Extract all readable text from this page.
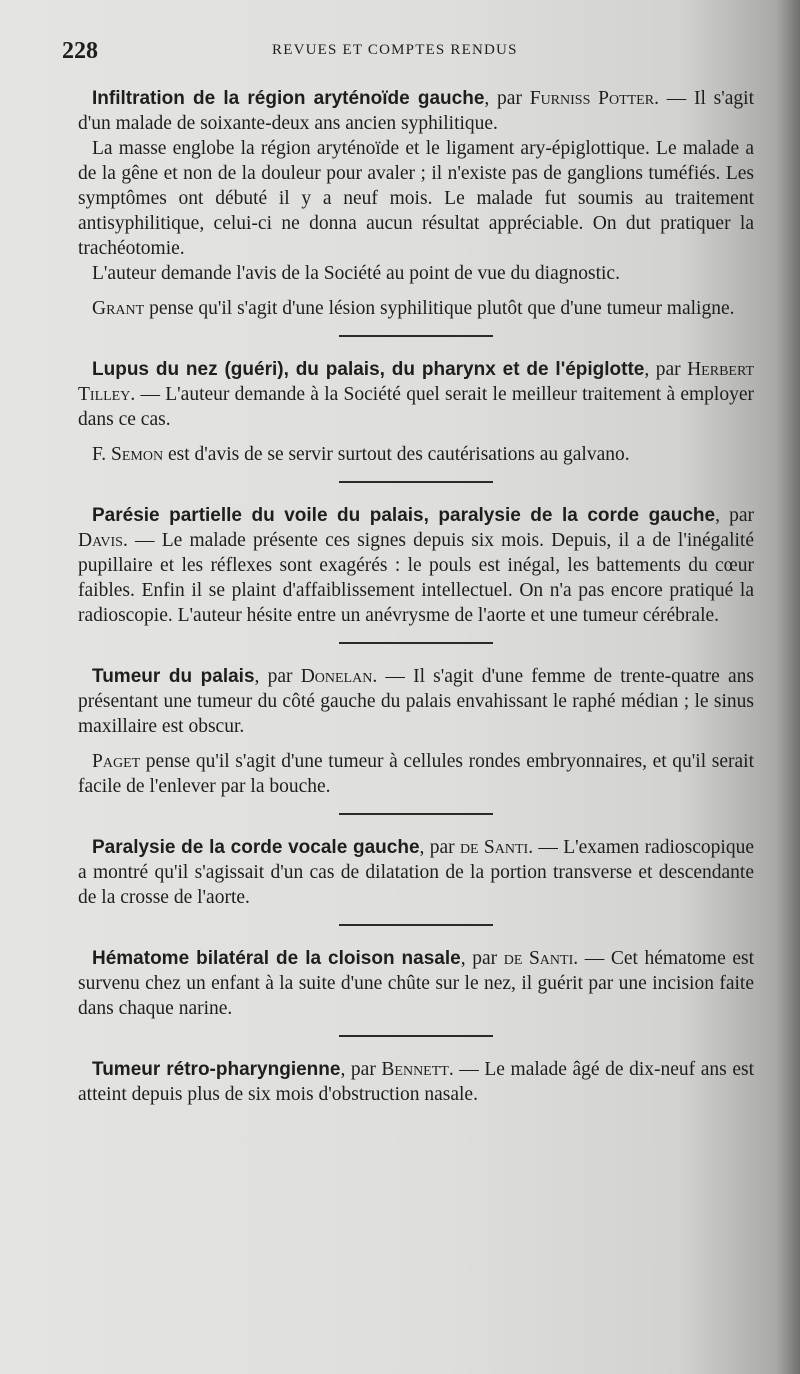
228	REVUES ET COMPTES RENDUS

Infiltration de la région aryténoïde gauche, par Furniss Potter. — Il s'agit d'un malade de soixante-deux ans ancien syphilitique.

La masse englobe la région aryténoïde et le ligament ary-épiglottique. Le malade a de la gêne et non de la douleur pour avaler ; il n'existe pas de ganglions tuméfiés. Les symptômes ont débuté il y a neuf mois. Le malade fut soumis au traitement antisyphilitique, celui-ci ne donna aucun résultat appréciable. On dut pratiquer la trachéotomie.

L'auteur demande l'avis de la Société au point de vue du diagnostic.

Grant pense qu'il s'agit d'une lésion syphilitique plutôt que d'une tumeur maligne.

Lupus du nez (guéri), du palais, du pharynx et de l'épiglotte, par Herbert Tilley. — L'auteur demande à la Société quel serait le meilleur traitement à employer dans ce cas.

F. Semon est d'avis de se servir surtout des cautérisations au galvano.

Parésie partielle du voile du palais, paralysie de la corde gauche, par Davis. — Le malade présente ces signes depuis six mois. Depuis, il a de l'inégalité pupillaire et les réflexes sont exagérés : le pouls est inégal, les battements du cœur faibles. Enfin il se plaint d'affaiblissement intellectuel. On n'a pas encore pratiqué la radioscopie. L'auteur hésite entre un anévrysme de l'aorte et une tumeur cérébrale.

Tumeur du palais, par Donelan. — Il s'agit d'une femme de trente-quatre ans présentant une tumeur du côté gauche du palais envahissant le raphé médian ; le sinus maxillaire est obscur.

Paget pense qu'il s'agit d'une tumeur à cellules rondes embryonnaires, et qu'il serait facile de l'enlever par la bouche.

Paralysie de la corde vocale gauche, par de Santi. — L'examen radioscopique a montré qu'il s'agissait d'un cas de dilatation de la portion transverse et descendante de la crosse de l'aorte.

Hématome bilatéral de la cloison nasale, par de Santi. — Cet hématome est survenu chez un enfant à la suite d'une chûte sur le nez, il guérit par une incision faite dans chaque narine.

Tumeur rétro-pharyngienne, par Bennett. — Le malade âgé de dix-neuf ans est atteint depuis plus de six mois d'obstruction nasale.
